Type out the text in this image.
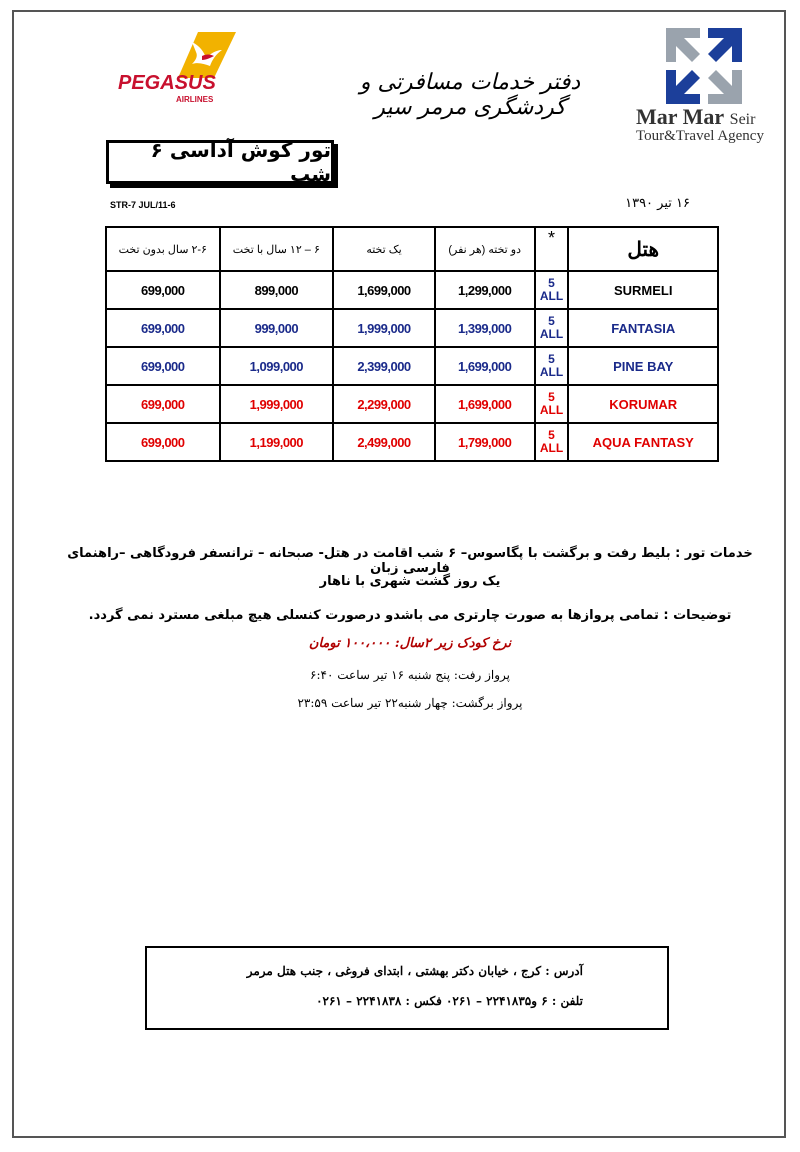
PEGASUS
AIRLINES
دفتر خدمات مسافرتی و گردشگری مرمر سیر	Mar Mar Seir
Tour&Travel Agency
تور کوش آداسی ۶ شب
STR-7 JUL/11-6	۱۶ تیر ۱۳۹۰
۲-۶ سال بدون تخت	۶ – ۱۲ سال با تخت	یک تخته	دو تخته (هر نفر)	*	هتل
699,000	899,000	1,699,000	1,299,000	5
ALL	SURMELI
699,000	999,000	1,999,000	1,399,000	5
ALL	FANTASIA
699,000	1,099,000	2,399,000	1,699,000	5
ALL	PINE BAY
699,000	1,999,000	2,299,000	1,699,000	5
ALL	KORUMAR
699,000	1,199,000	2,499,000	1,799,000	5
ALL	AQUA FANTASY
خدمات تور : بلیط رفت و برگشت با پگاسوس– ۶ شب اقامت در هتل- صبحانه – ترانسفر فرودگاهی –راهنمای فارسی زبان
یک روز گشت شهری با ناهار
توضیحات : تمامی پروازها به صورت چارتری می باشدو درصورت کنسلی هیچ مبلغی مسترد نمی گردد.
نرخ کودک زیر ۲سال: ۱۰۰،۰۰۰ تومان
پرواز رفت: پنج شنبه ۱۶ تیر ساعت ۶:۴۰
پرواز برگشت: چهار شنبه۲۲ تیر ساعت ۲۳:۵۹
آدرس : کرج ، خیابان دکتر بهشتی ، ابتدای فروغی ، جنب هتل مرمر
تلفن : ۶ و۲۲۴۱۸۳۵ – ۰۲۶۱ فکس : ۲۲۴۱۸۳۸ – ۰۲۶۱
